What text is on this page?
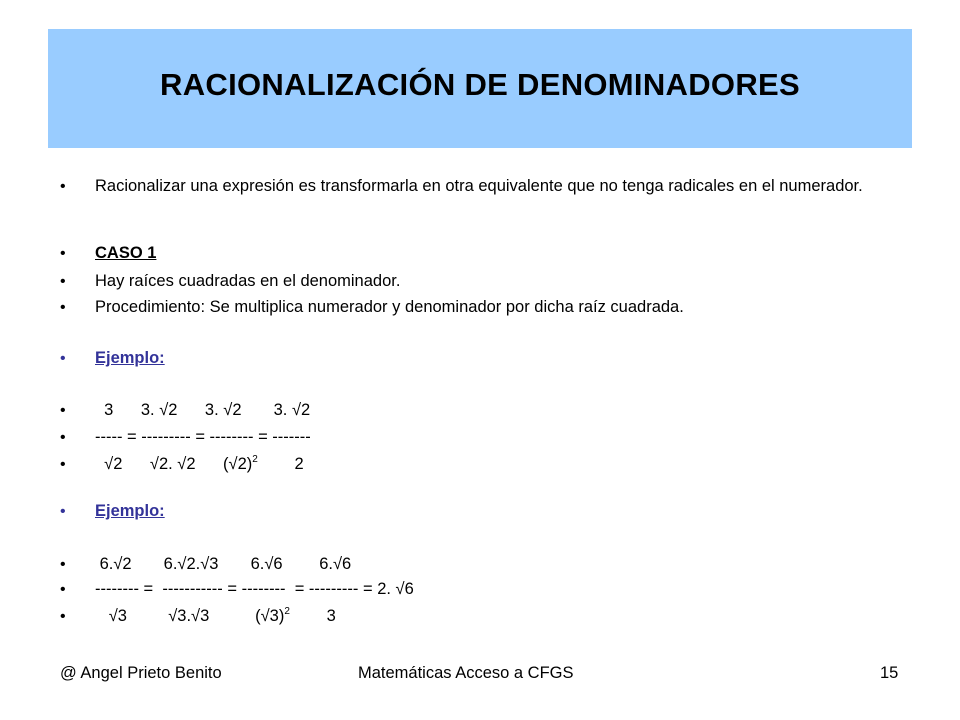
RACIONALIZACIÓN DE DENOMINADORES
• Racionalizar una expresión es transformarla en otra equivalente que no tenga radicales en el numerador.
• CASO 1
• Hay raíces cuadradas en el denominador.
• Procedimiento: Se multiplica numerador y denominador por dicha raíz cuadrada.
• Ejemplo:
• 3      3. √2      3. √2       3. √2
• ----- = --------- = -------- = -------
• √2      √2. √2      $(√2)^2$        2
• Ejemplo:
• 6.√2       6.√2.√3       6.√6        6.√6
• -------- =  ----------- = --------  = --------- = 2. √6
• √3         √3.√3          $(√3)^2$        3
@ Angel Prieto Benito	Matemáticas Acceso a CFGS	15
